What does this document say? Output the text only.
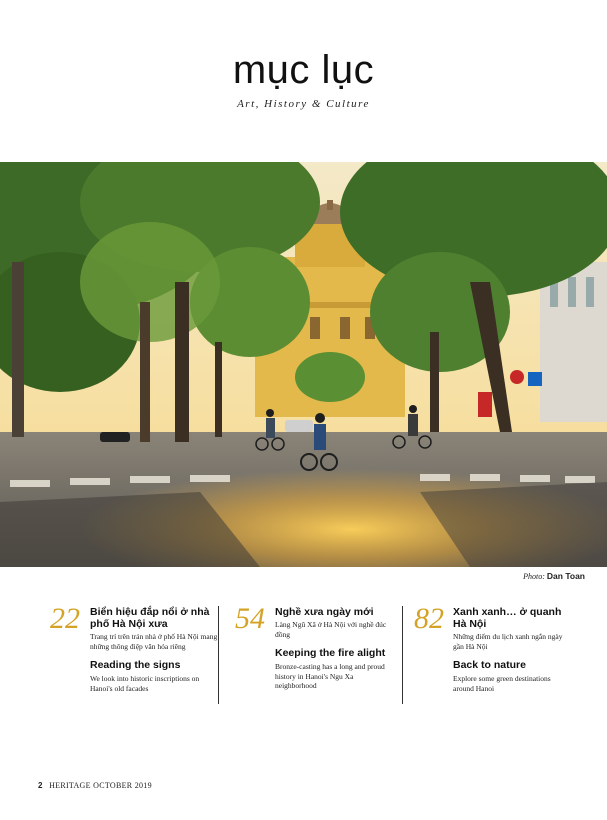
mục lục
Art, History & Culture
Photo: Dan Toan
22 Biển hiệu đắp nổi ở nhà phố Hà Nội xưa
Trang trí trên trán nhà ở phố Hà Nội mang những thông điệp văn hóa riêng
Reading the signs
We look into historic inscriptions on Hanoi's old facades
54 Nghề xưa ngày mới
Làng Ngũ Xã ở Hà Nội với nghề đúc đồng
Keeping the fire alight
Bronze-casting has a long and proud history in Hanoi's Ngu Xa neighborhood
82 Xanh xanh… ở quanh Hà Nội
Những điểm du lịch xanh ngắn ngày gần Hà Nội
Back to nature
Explore some green destinations around Hanoi
2 HERITAGE OCTOBER 2019
